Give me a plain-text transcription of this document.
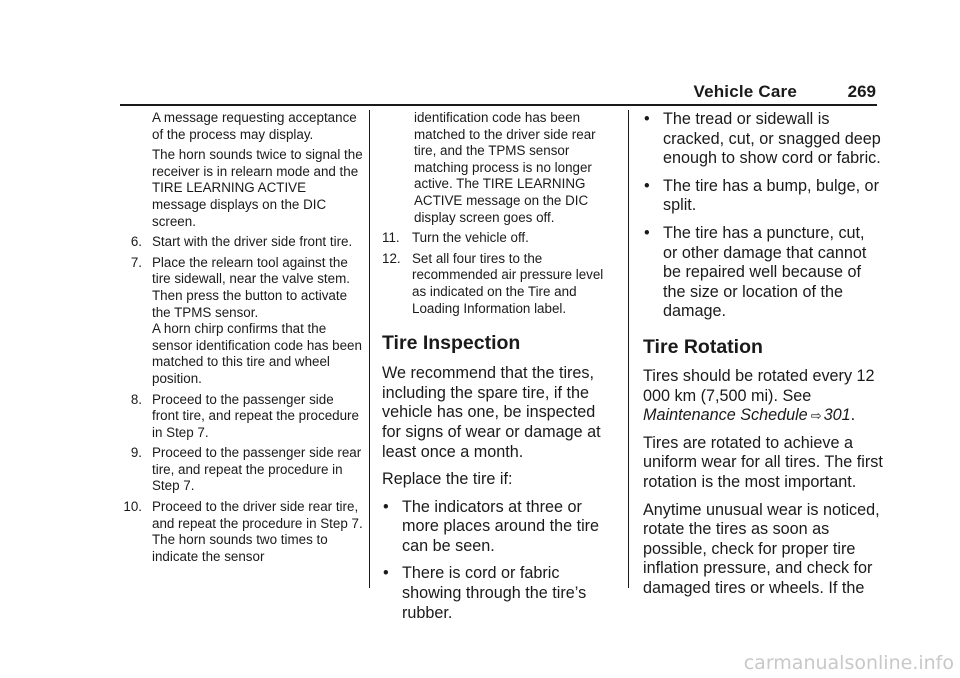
Vehicle Care	269

A message requesting acceptance of the process may display.

The horn sounds twice to signal the receiver is in relearn mode and the TIRE LEARNING ACTIVE message displays on the DIC screen.

6. Start with the driver side front tire.
7. Place the relearn tool against the tire sidewall, near the valve stem. Then press the button to activate the TPMS sensor.

A horn chirp confirms that the sensor identification code has been matched to this tire and wheel position.

8. Proceed to the passenger side front tire, and repeat the procedure in Step 7.
9. Proceed to the passenger side rear tire, and repeat the procedure in Step 7.
10. Proceed to the driver side rear tire, and repeat the procedure in Step 7. The horn sounds two times to indicate the sensor

identification code has been matched to the driver side rear tire, and the TPMS sensor matching process is no longer active. The TIRE LEARNING ACTIVE message on the DIC display screen goes off.

11. Turn the vehicle off.
12. Set all four tires to the recommended air pressure level as indicated on the Tire and Loading Information label.
Tire Inspection

We recommend that the tires, including the spare tire, if the vehicle has one, be inspected for signs of wear or damage at least once a month.

Replace the tire if:

• The indicators at three or more places around the tire can be seen.
• There is cord or fabric showing through the tire’s rubber.
• The tread or sidewall is cracked, cut, or snagged deep enough to show cord or fabric.
• The tire has a bump, bulge, or split.
• The tire has a puncture, cut, or other damage that cannot be repaired well because of the size or location of the damage.
Tire Rotation

Tires should be rotated every 12 000 km (7,500 mi). See Maintenance Schedule ⇨ 301.

Tires are rotated to achieve a uniform wear for all tires. The first rotation is the most important.

Anytime unusual wear is noticed, rotate the tires as soon as possible, check for proper tire inflation pressure, and check for damaged tires or wheels. If the

carmanualsonline.info
